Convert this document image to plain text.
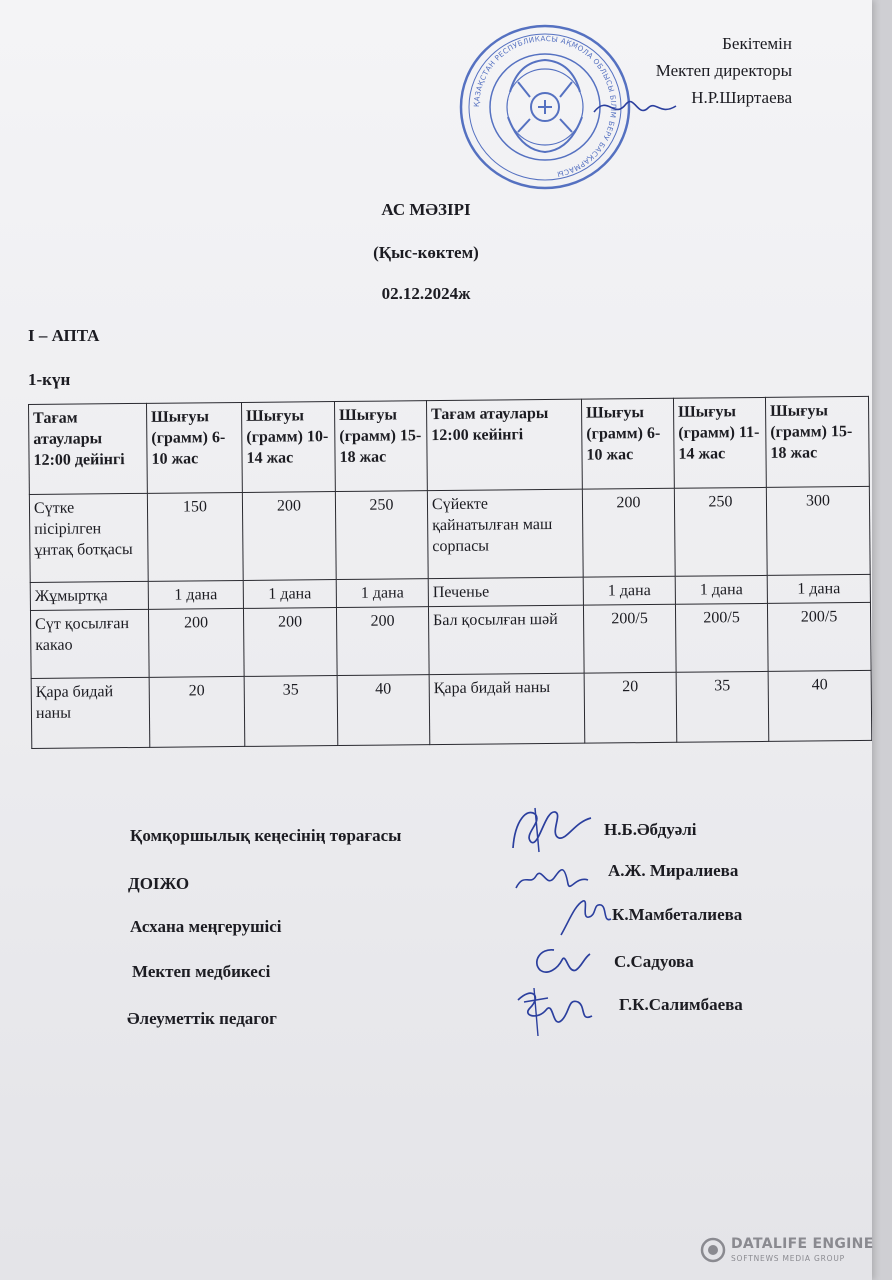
ҚАЗАҚСТАН РЕСПУБЛИКАСЫ АҚМОЛА ОБЛЫСЫ БІЛІМ БЕРУ БАСҚАРМАСЫ
Бекітемін
Мектеп директоры
Н.Р.Ширтаева
АС МӘЗІРІ
(Қыс-көктем)
02.12.2024ж
І – АПТА
1-күн
Тағам атаулары 12:00 дейінгі	Шығуы (грамм) 6-10 жас	Шығуы (грамм) 10-14 жас	Шығуы (грамм) 15-18 жас	Тағам атаулары 12:00 кейінгі	Шығуы (грамм) 6-10 жас	Шығуы (грамм) 11-14 жас	Шығуы (грамм) 15-18 жас
Сүтке пісірілген ұнтақ ботқасы	150	200	250	Сүйекте қайнатылған маш сорпасы	200	250	300
Жұмыртқа	1 дана	1 дана	1 дана	Печенье	1 дана	1 дана	1 дана
Сүт қосылған какао	200	200	200	Бал қосылған шәй	200/5	200/5	200/5
Қара бидай наны	20	35	40	Қара бидай наны	20	35	40
Қомқоршылық кеңесінің төрағасы
ДОІЖО
Асхана меңгерушісі
Мектеп медбикесі
Әлеуметтік педагог
Н.Б.Әбдуәлі
А.Ж. Миралиева
К.Мамбеталиева
С.Садуова
Г.К.Салимбаева
DATALIFE ENGINE
SOFTNEWS MEDIA GROUP
